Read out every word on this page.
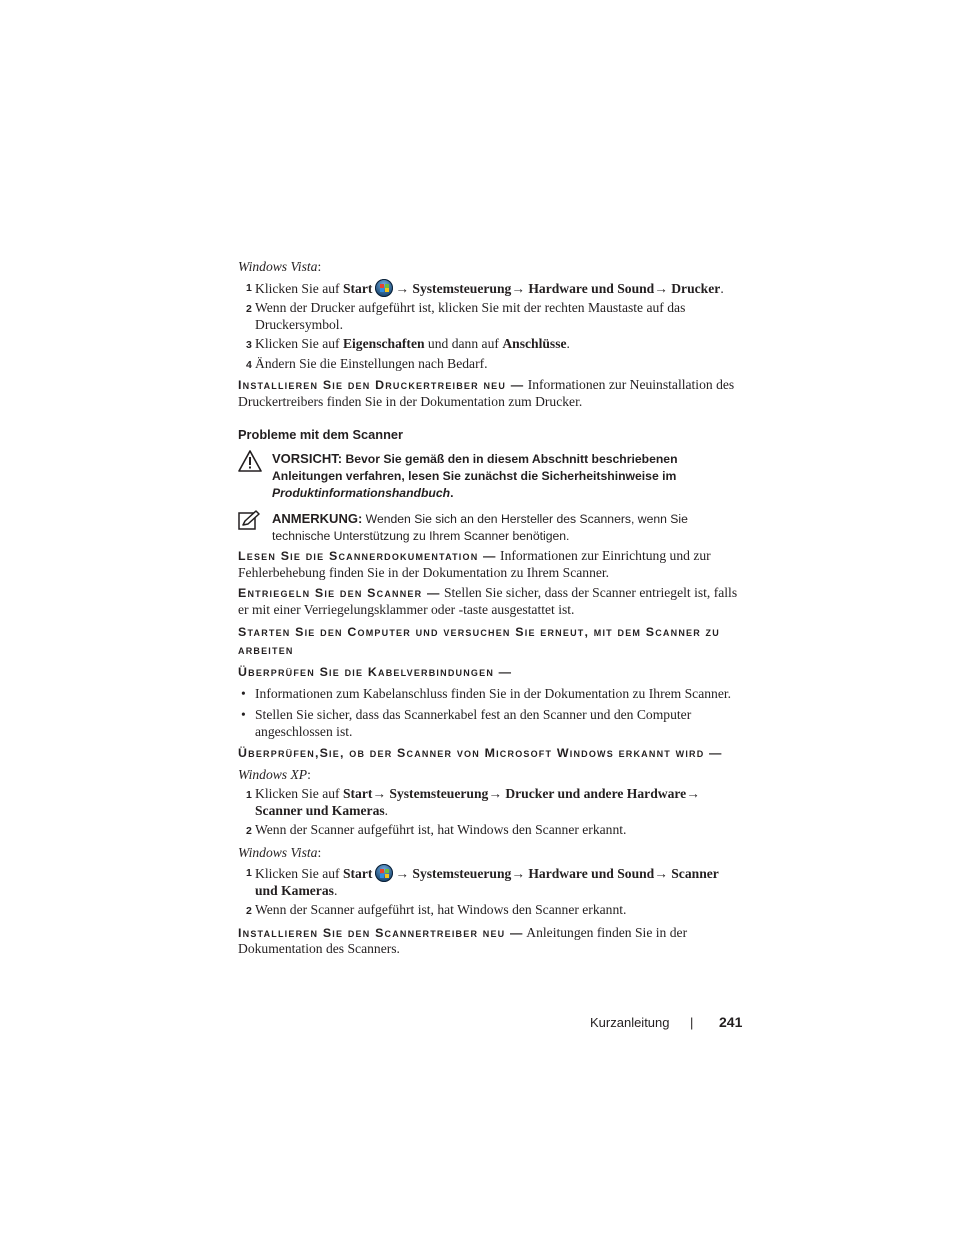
Windows Vista:

1 Klicken Sie auf Start → Systemsteuerung→ Hardware und Sound→ Drucker.
2 Wenn der Drucker aufgeführt ist, klicken Sie mit der rechten Maustaste auf das Druckersymbol.
3 Klicken Sie auf Eigenschaften und dann auf Anschlüsse.
4 Ändern Sie die Einstellungen nach Bedarf.

Installieren Sie den Druckertreiber neu — Informationen zur Neuinstallation des Druckertreibers finden Sie in der Dokumentation zum Drucker.

Probleme mit dem Scanner

VORSICHT: Bevor Sie gemäß den in diesem Abschnitt beschriebenen Anleitungen verfahren, lesen Sie zunächst die Sicherheitshinweise im Produktinformationshandbuch.
ANMERKUNG: Wenden Sie sich an den Hersteller des Scanners, wenn Sie technische Unterstützung zu Ihrem Scanner benötigen.

Lesen Sie die Scannerdokumentation — Informationen zur Einrichtung und zur Fehlerbehebung finden Sie in der Dokumentation zu Ihrem Scanner.

Entriegeln Sie den Scanner — Stellen Sie sicher, dass der Scanner entriegelt ist, falls er mit einer Verriegelungsklammer oder -taste ausgestattet ist.

Starten Sie den Computer und versuchen Sie erneut, mit dem Scanner zu arbeiten

Überprüfen Sie die Kabelverbindungen —

• Informationen zum Kabelanschluss finden Sie in der Dokumentation zu Ihrem Scanner.
• Stellen Sie sicher, dass das Scannerkabel fest an den Scanner und den Computer angeschlossen ist.

Überprüfen,Sie, ob der Scanner von Microsoft Windows erkannt wird —

Windows XP:

1 Klicken Sie auf Start→ Systemsteuerung→ Drucker und andere Hardware→ Scanner und Kameras.
2 Wenn der Scanner aufgeführt ist, hat Windows den Scanner erkannt.

Windows Vista:

1 Klicken Sie auf Start → Systemsteuerung→ Hardware und Sound→ Scanner und Kameras.
2 Wenn der Scanner aufgeführt ist, hat Windows den Scanner erkannt.

Installieren Sie den Scannertreiber neu — Anleitungen finden Sie in der Dokumentation des Scanners.

Kurzanleitung | 241
